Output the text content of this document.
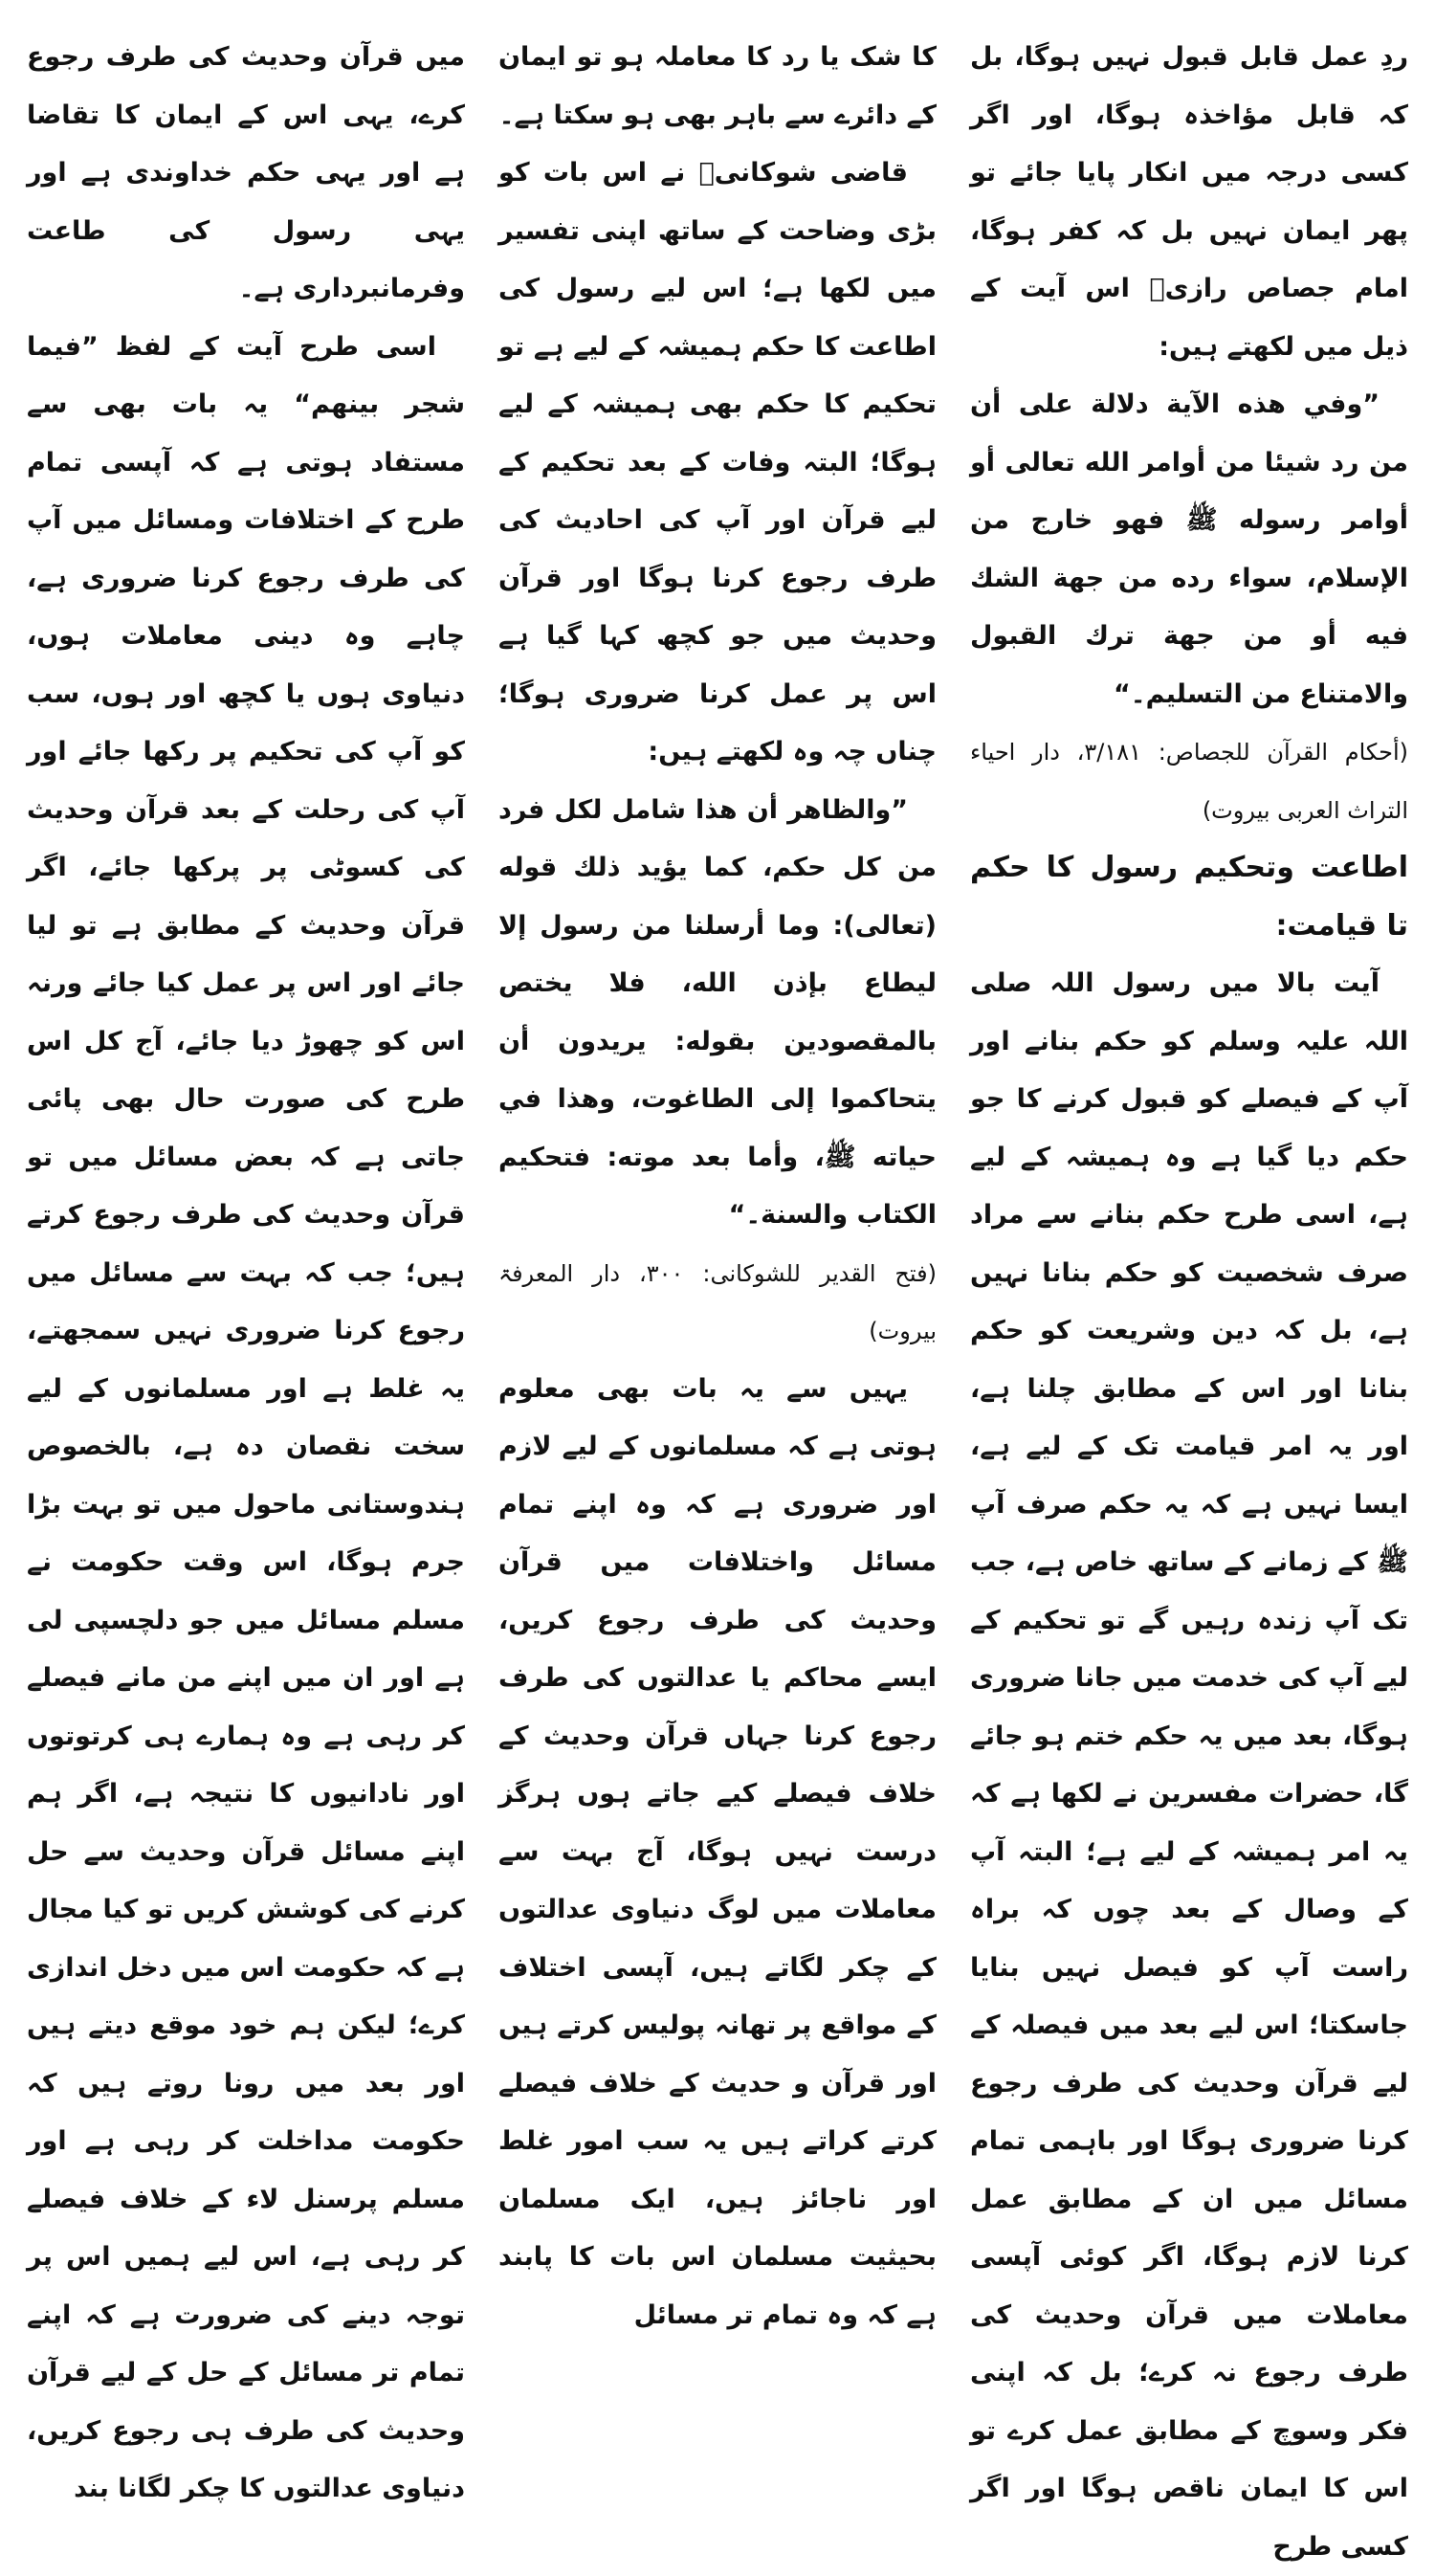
ردِ عمل قابل قبول نہیں ہوگا، بل کہ قابل مؤاخذہ ہوگا، اور اگر کسی درجہ میں انکار پایا جائے تو پھر ایمان نہیں بل کہ کفر ہوگا، امام جصاص رازیؒ اس آیت کے ذیل میں لکھتے ہیں:

”وفي هذه الآية دلالة على أن من رد شيئا من أوامر الله تعالى أو أوامر رسوله ﷺ فهو خارج من الإسلام، سواء رده من جهة الشك فيه أو من جهة ترك القبول والامتناع من التسليم۔“

(أحكام القرآن للجصاص: ۳/۱۸۱، دار احیاء التراث العربی بیروت)

اطاعت وتحکیم رسول کا حکم تا قیامت:

آیت بالا میں رسول اللہ صلی اللہ علیہ وسلم کو حکم بنانے اور آپ کے فیصلے کو قبول کرنے کا جو حکم دیا گیا ہے وہ ہمیشہ کے لیے ہے، اسی طرح حکم بنانے سے مراد صرف شخصیت کو حکم بنانا نہیں ہے، بل کہ دین وشریعت کو حکم بنانا اور اس کے مطابق چلنا ہے، اور یہ امر قیامت تک کے لیے ہے، ایسا نہیں ہے کہ یہ حکم صرف آپ ﷺ کے زمانے کے ساتھ خاص ہے، جب تک آپ زندہ رہیں گے تو تحکیم کے لیے آپ کی خدمت میں جانا ضروری ہوگا، بعد میں یہ حکم ختم ہو جائے گا، حضرات مفسرین نے لکھا ہے کہ یہ امر ہمیشہ کے لیے ہے؛ البتہ آپ کے وصال کے بعد چوں کہ براہ راست آپ کو فیصل نہیں بنایا جاسکتا؛ اس لیے بعد میں فیصلہ کے لیے قرآن وحدیث کی طرف رجوع کرنا ضروری ہوگا اور باہمی تمام مسائل میں ان کے مطابق عمل کرنا لازم ہوگا، اگر کوئی آپسی معاملات میں قرآن وحدیث کی طرف رجوع نہ کرے؛ بل کہ اپنی فکر وسوچ کے مطابق عمل کرے تو اس کا ایمان ناقص ہوگا اور اگر کسی طرح

کا شک یا رد کا معاملہ ہو تو ایمان کے دائرے سے باہر بھی ہو سکتا ہے۔

قاضی شوکانیؒ نے اس بات کو بڑی وضاحت کے ساتھ اپنی تفسیر میں لکھا ہے؛ اس لیے رسول کی اطاعت کا حکم ہمیشہ کے لیے ہے تو تحکیم کا حکم بھی ہمیشہ کے لیے ہوگا؛ البتہ وفات کے بعد تحکیم کے لیے قرآن اور آپ کی احادیث کی طرف رجوع کرنا ہوگا اور قرآن وحدیث میں جو کچھ کہا گیا ہے اس پر عمل کرنا ضروری ہوگا؛ چناں چہ وہ لکھتے ہیں:

”والظاهر أن هذا شامل لكل فرد من كل حكم، كما يؤيد ذلك قوله (تعالى): وما أرسلنا من رسول إلا ليطاع بإذن الله، فلا يختص بالمقصودين بقوله: يريدون أن يتحاكموا إلى الطاغوت، وهذا في حياته ﷺ، وأما بعد موته: فتحكيم الكتاب والسنة۔“

(فتح القدیر للشوکانی: ۳۰۰، دار المعرفۃ بیروت)

یہیں سے یہ بات بھی معلوم ہوتی ہے کہ مسلمانوں کے لیے لازم اور ضروری ہے کہ وہ اپنے تمام مسائل واختلافات میں قرآن وحدیث کی طرف رجوع کریں، ایسے محاکم یا عدالتوں کی طرف رجوع کرنا جہاں قرآن وحدیث کے خلاف فیصلے کیے جاتے ہوں ہرگز درست نہیں ہوگا، آج بہت سے معاملات میں لوگ دنیاوی عدالتوں کے چکر لگاتے ہیں، آپسی اختلاف کے مواقع پر تھانہ پولیس کرتے ہیں اور قرآن و حدیث کے خلاف فیصلے کرتے کراتے ہیں یہ سب امور غلط اور ناجائز ہیں، ایک مسلمان بحیثیت مسلمان اس بات کا پابند ہے کہ وہ تمام تر مسائل

میں قرآن وحدیث کی طرف رجوع کرے، یہی اس کے ایمان کا تقاضا ہے اور یہی حکم خداوندی ہے اور یہی رسول کی طاعت وفرمانبرداری ہے۔

اسی طرح آیت کے لفظ ”فیما شجر بینھم“ یہ بات بھی سے مستفاد ہوتی ہے کہ آپسی تمام طرح کے اختلافات ومسائل میں آپ کی طرف رجوع کرنا ضروری ہے، چاہے وہ دینی معاملات ہوں، دنیاوی ہوں یا کچھ اور ہوں، سب کو آپ کی تحکیم پر رکھا جائے اور آپ کی رحلت کے بعد قرآن وحدیث کی کسوٹی پر پرکھا جائے، اگر قرآن وحدیث کے مطابق ہے تو لیا جائے اور اس پر عمل کیا جائے ورنہ اس کو چھوڑ دیا جائے، آج کل اس طرح کی صورت حال بھی پائی جاتی ہے کہ بعض مسائل میں تو قرآن وحدیث کی طرف رجوع کرتے ہیں؛ جب کہ بہت سے مسائل میں رجوع کرنا ضروری نہیں سمجھتے، یہ غلط ہے اور مسلمانوں کے لیے سخت نقصان دہ ہے، بالخصوص ہندوستانی ماحول میں تو بہت بڑا جرم ہوگا، اس وقت حکومت نے مسلم مسائل میں جو دلچسپی لی ہے اور ان میں اپنے من مانے فیصلے کر رہی ہے وہ ہمارے ہی کرتوتوں اور نادانیوں کا نتیجہ ہے، اگر ہم اپنے مسائل قرآن وحدیث سے حل کرنے کی کوشش کریں تو کیا مجال ہے کہ حکومت اس میں دخل اندازی کرے؛ لیکن ہم خود موقع دیتے ہیں اور بعد میں رونا روتے ہیں کہ حکومت مداخلت کر رہی ہے اور مسلم پرسنل لاء کے خلاف فیصلے کر رہی ہے، اس لیے ہمیں اس پر توجہ دینے کی ضرورت ہے کہ اپنے تمام تر مسائل کے حل کے لیے قرآن وحدیث کی طرف ہی رجوع کریں، دنیاوی عدالتوں کا چکر لگانا بند
